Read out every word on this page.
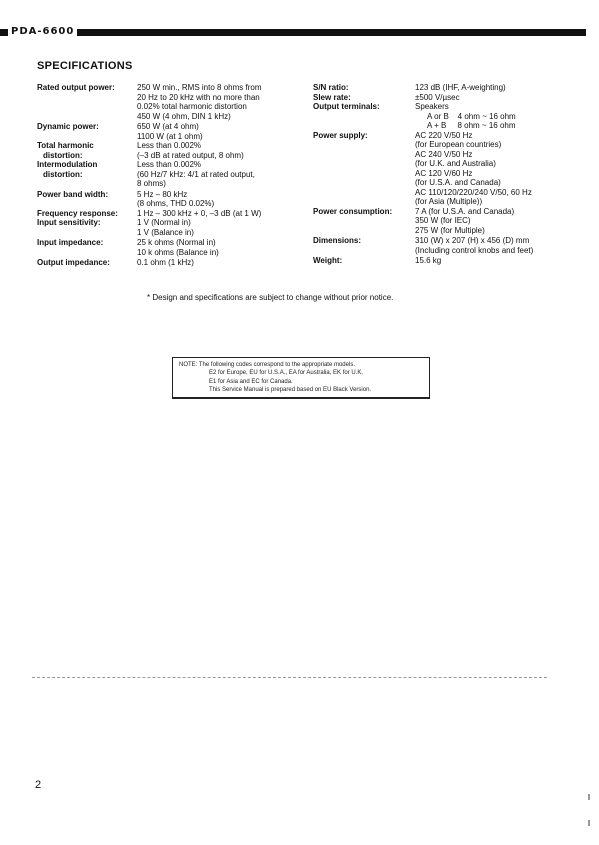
PDA-6600
SPECIFICATIONS
Rated output power:	250 W min., RMS into 8 ohms from
20 Hz to 20 kHz with no more than
0.02% total harmonic distortion
450 W (4 ohm, DIN 1 kHz)
Dynamic power:	650 W (at 4 ohm)
1100 W (at 1 ohm)
Total harmonic	Less than 0.002%
distortion:	(–3 dB at rated output, 8 ohm)
Intermodulation	Less than 0.002%
distortion:	(60 Hz/7 kHz: 4/1 at rated output,
8 ohms)
Power band width:	5 Hz – 80 kHz
(8 ohms, THD 0.02%)
Frequency response:	1 Hz – 300 kHz + 0, –3 dB (at 1 W)
Input sensitivity:	1 V (Normal in)
1 V (Balance in)
Input impedance:	25 k ohms (Normal in)
10 k ohms (Balance in)
Output impedance:	0.1 ohm (1 kHz)
S/N ratio:	123 dB (IHF, A-weighting)
Slew rate:	±500 V/µsec
Output terminals:	Speakers
A or B    4 ohm ~ 16 ohm
A + B     8 ohm ~ 16 ohm
Power supply:	AC 220 V/50 Hz
(for European countries)
AC 240 V/50 Hz
(for U.K. and Australia)
AC 120 V/60 Hz
(for U.S.A. and Canada)
AC 110/120/220/240 V/50, 60 Hz
(for Asia (Multiple))
Power consumption:	7 A (for U.S.A. and Canada)
350 W (for IEC)
275 W (for Multiple)
Dimensions:	310 (W) x 207 (H) x 456 (D) mm
(Including control knobs and feet)
Weight:	15.6 kg
* Design and specifications are subject to change without prior notice.
NOTE: The following codes correspond to the appropriate models.
E2 for Europe, EU for U.S.A., EA for Australia, EK for U.K.
E1 for Asia and EC for Canada.
This Service Manual is prepared based on EU Black Version.
2
